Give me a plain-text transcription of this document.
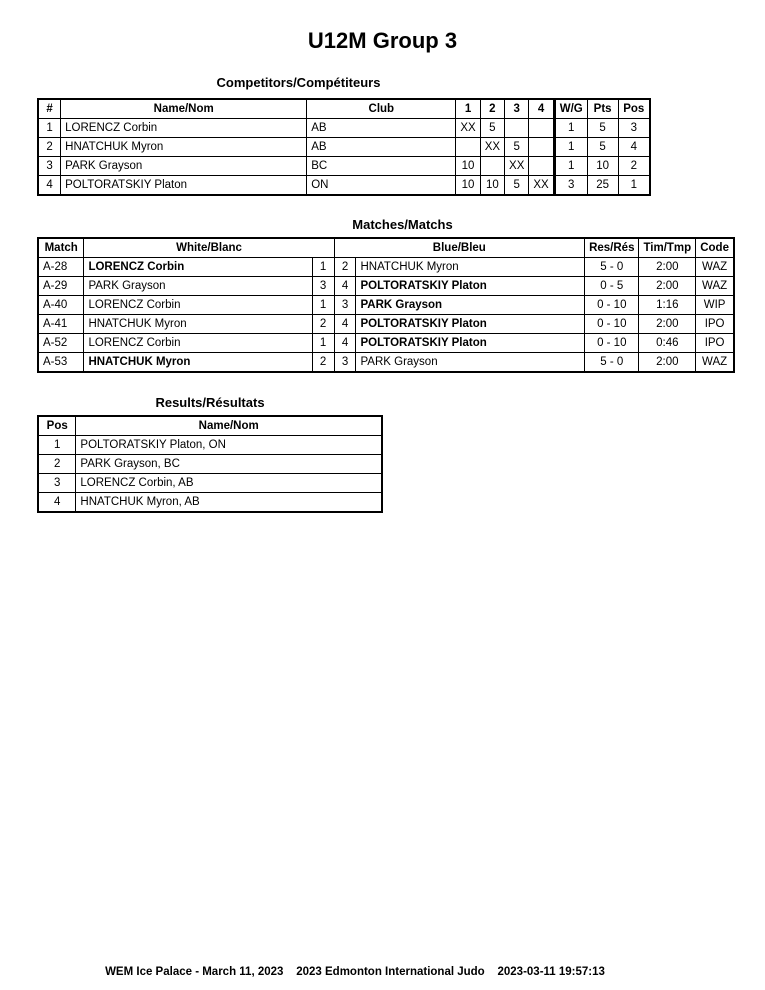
U12M Group 3
Competitors/Compétiteurs
#	Name/Nom	Club	1	2	3	4	W/G	Pts	Pos
1	LORENCZ Corbin	AB	XX	5			1	5	3
2	HNATCHUK Myron	AB		XX	5		1	5	4
3	PARK Grayson	BC	10		XX		1	10	2
4	POLTORATSKIY Platon	ON	10	10	5	XX	3	25	1
Matches/Matchs
Match	White/Blanc		Blue/Bleu		Res/Rés	Tim/Tmp	Code
A-28	LORENCZ Corbin	1	2	HNATCHUK Myron	5 - 0	2:00	WAZ
A-29	PARK Grayson	3	4	POLTORATSKIY Platon	0 - 5	2:00	WAZ
A-40	LORENCZ Corbin	1	3	PARK Grayson	0 - 10	1:16	WIP
A-41	HNATCHUK Myron	2	4	POLTORATSKIY Platon	0 - 10	2:00	IPO
A-52	LORENCZ Corbin	1	4	POLTORATSKIY Platon	0 - 10	0:46	IPO
A-53	HNATCHUK Myron	2	3	PARK Grayson	5 - 0	2:00	WAZ
Results/Résultats
Pos	Name/Nom
1	POLTORATSKIY Platon, ON
2	PARK Grayson, BC
3	LORENCZ Corbin, AB
4	HNATCHUK Myron, AB
WEM Ice Palace - March 11, 2023 2023 Edmonton International Judo 2023-03-11 19:57:13
